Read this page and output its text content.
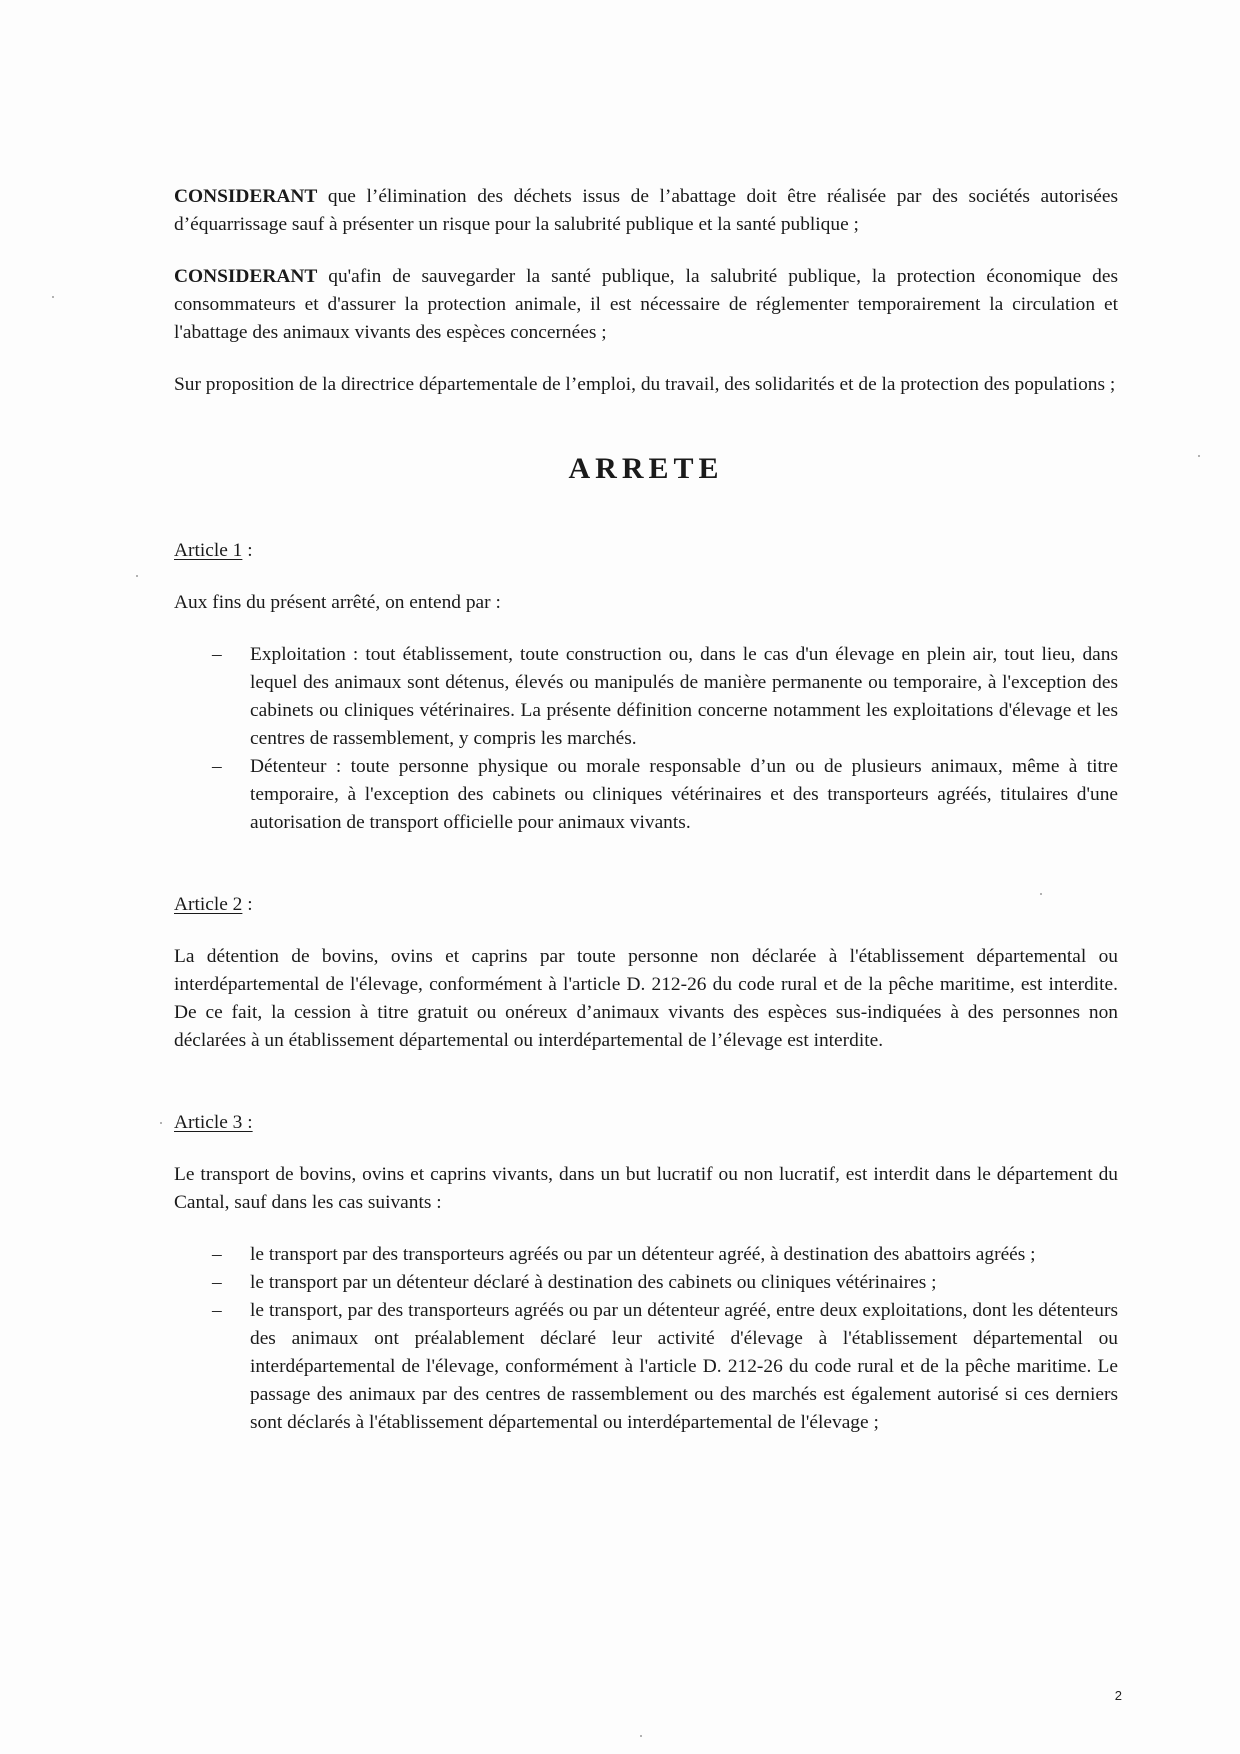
CONSIDERANT que l’élimination des déchets issus de l’abattage doit être réalisée par des sociétés autorisées d’équarrissage sauf à présenter un risque pour la salubrité publique et la santé publique ;

CONSIDERANT qu'afin de sauvegarder la santé publique, la salubrité publique, la protection économique des consommateurs et d'assurer la protection animale, il est nécessaire de réglementer temporairement la circulation et l'abattage des animaux vivants des espèces concernées ;

Sur proposition de la directrice départementale de l’emploi, du travail, des solidarités et de la protection des populations ;

ARRETE

Article 1 :

Aux fins du présent arrêté, on entend par :

– Exploitation : tout établissement, toute construction ou, dans le cas d'un élevage en plein air, tout lieu, dans lequel des animaux sont détenus, élevés ou manipulés de manière permanente ou temporaire, à l'exception des cabinets ou cliniques vétérinaires. La présente définition concerne notamment les exploitations d'élevage et les centres de rassemblement, y compris les marchés.
– Détenteur : toute personne physique ou morale responsable d’un ou de plusieurs animaux, même à titre temporaire, à l'exception des cabinets ou cliniques vétérinaires et des transporteurs agréés, titulaires d'une autorisation de transport officielle pour animaux vivants.

Article 2 :

La détention de bovins, ovins et caprins par toute personne non déclarée à l'établissement départemental ou interdépartemental de l'élevage, conformément à l'article D. 212-26 du code rural et de la pêche maritime, est interdite. De ce fait, la cession à titre gratuit ou onéreux d’animaux vivants des espèces sus-indiquées à des personnes non déclarées à un établissement départemental ou interdépartemental de l’élevage est interdite.

Article 3 :

Le transport de bovins, ovins et caprins vivants, dans un but lucratif ou non lucratif, est interdit dans le département du Cantal, sauf dans les cas suivants :

– le transport par des transporteurs agréés ou par un détenteur agréé, à destination des abattoirs agréés ;
– le transport par un détenteur déclaré à destination des cabinets ou cliniques vétérinaires ;
– le transport, par des transporteurs agréés ou par un détenteur agréé, entre deux exploitations, dont les détenteurs des animaux ont préalablement déclaré leur activité d'élevage à l'établissement départemental ou interdépartemental de l'élevage, conformément à l'article D. 212-26 du code rural et de la pêche maritime. Le passage des animaux par des centres de rassemblement ou des marchés est également autorisé si ces derniers sont déclarés à l'établissement départemental ou interdépartemental de l'élevage ;
2
